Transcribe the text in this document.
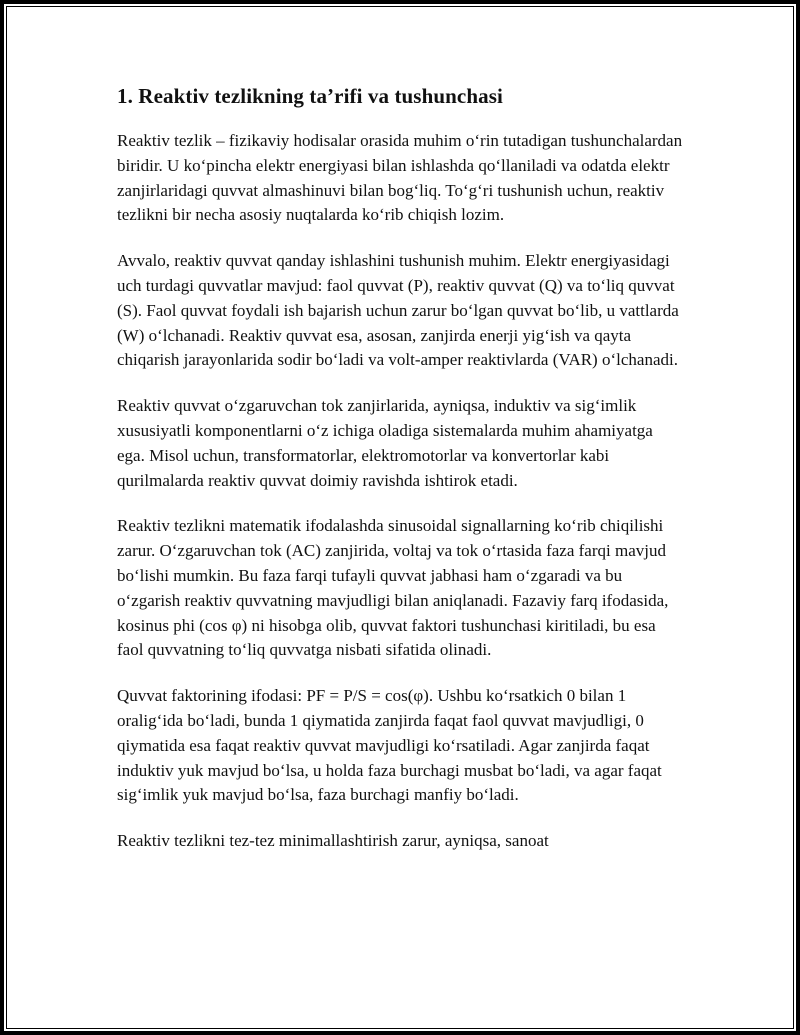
1. Reaktiv tezlikning ta’rifi va tushunchasi

Reaktiv tezlik – fizikaviy hodisalar orasida muhim o‘rin tutadigan tushunchalardan biridir. U ko‘pincha elektr energiyasi bilan ishlashda qo‘llaniladi va odatda elektr zanjirlaridagi quvvat almashinuvi bilan bog‘liq. To‘g‘ri tushunish uchun, reaktiv tezlikni bir necha asosiy nuqtalarda ko‘rib chiqish lozim.

Avvalo, reaktiv quvvat qanday ishlashini tushunish muhim. Elektr energiyasidagi uch turdagi quvvatlar mavjud: faol quvvat (P), reaktiv quvvat (Q) va to‘liq quvvat (S). Faol quvvat foydali ish bajarish uchun zarur bo‘lgan quvvat bo‘lib, u vattlarda (W) o‘lchanadi. Reaktiv quvvat esa, asosan, zanjirda enerji yig‘ish va qayta chiqarish jarayonlarida sodir bo‘ladi va volt-amper reaktivlarda (VAR) o‘lchanadi.

Reaktiv quvvat o‘zgaruvchan tok zanjirlarida, ayniqsa, induktiv va sig‘imlik xususiyatli komponentlarni o‘z ichiga oladiga sistemalarda muhim ahamiyatga ega. Misol uchun, transformatorlar, elektromotorlar va konvertorlar kabi qurilmalarda reaktiv quvvat doimiy ravishda ishtirok etadi.

Reaktiv tezlikni matematik ifodalashda sinusoidal signallarning ko‘rib chiqilishi zarur. O‘zgaruvchan tok (AC) zanjirida, voltaj va tok o‘rtasida faza farqi mavjud bo‘lishi mumkin. Bu faza farqi tufayli quvvat jabhasi ham o‘zgaradi va bu o‘zgarish reaktiv quvvatning mavjudligi bilan aniqlanadi. Fazaviy farq ifodasida, kosinus phi (cos φ) ni hisobga olib, quvvat faktori tushunchasi kiritiladi, bu esa faol quvvatning to‘liq quvvatga nisbati sifatida olinadi.

Quvvat faktorining ifodasi: PF = P/S = cos(φ). Ushbu ko‘rsatkich 0 bilan 1 oralig‘ida bo‘ladi, bunda 1 qiymatida zanjirda faqat faol quvvat mavjudligi, 0 qiymatida esa faqat reaktiv quvvat mavjudligi ko‘rsatiladi. Agar zanjirda faqat induktiv yuk mavjud bo‘lsa, u holda faza burchagi musbat bo‘ladi, va agar faqat sig‘imlik yuk mavjud bo‘lsa, faza burchagi manfiy bo‘ladi.

Reaktiv tezlikni tez-tez minimallashtirish zarur, ayniqsa, sanoat
